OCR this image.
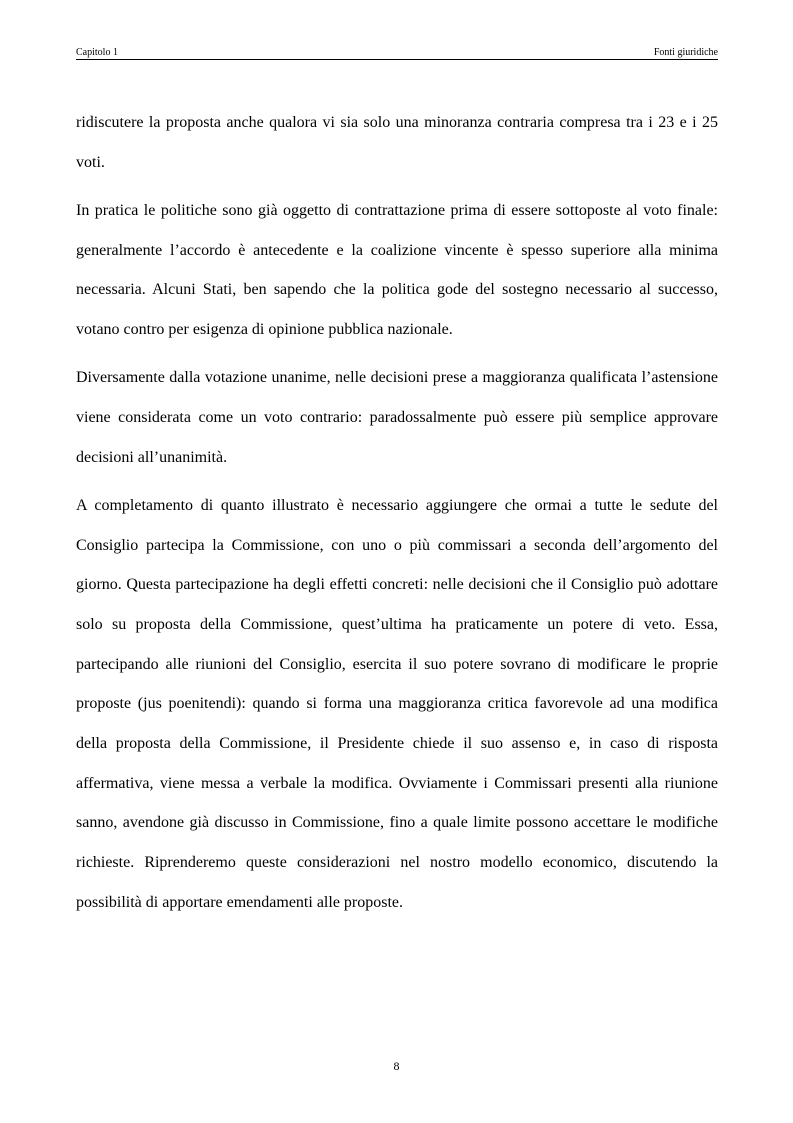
Capitolo 1	Fonti giuridiche

ridiscutere la proposta anche qualora vi sia solo una minoranza contraria compresa tra i 23 e i 25 voti.

In pratica le politiche sono già oggetto di contrattazione prima di essere sottoposte al voto finale: generalmente l’accordo è antecedente e la coalizione vincente è spesso superiore alla minima necessaria. Alcuni Stati, ben sapendo che la politica gode del sostegno necessario al successo, votano contro per esigenza di opinione pubblica nazionale.

Diversamente dalla votazione unanime, nelle decisioni prese a maggioranza qualificata l’astensione viene considerata come un voto contrario: paradossalmente può essere più semplice approvare decisioni all’unanimità.

A completamento di quanto illustrato è necessario aggiungere che ormai a tutte le sedute del Consiglio partecipa la Commissione, con uno o più commissari a seconda dell’argomento del giorno. Questa partecipazione ha degli effetti concreti: nelle decisioni che il Consiglio può adottare solo su proposta della Commissione, quest’ultima ha praticamente un potere di veto. Essa, partecipando alle riunioni del Consiglio, esercita il suo potere sovrano di modificare le proprie proposte (jus poenitendi): quando si forma una maggioranza critica favorevole ad una modifica della proposta della Commissione, il Presidente chiede il suo assenso e, in caso di risposta affermativa, viene messa a verbale la modifica. Ovviamente i Commissari presenti alla riunione sanno, avendone già discusso in Commissione, fino a quale limite possono accettare le modifiche richieste. Riprenderemo queste considerazioni nel nostro modello economico, discutendo la possibilità di apportare emendamenti alle proposte.

8
